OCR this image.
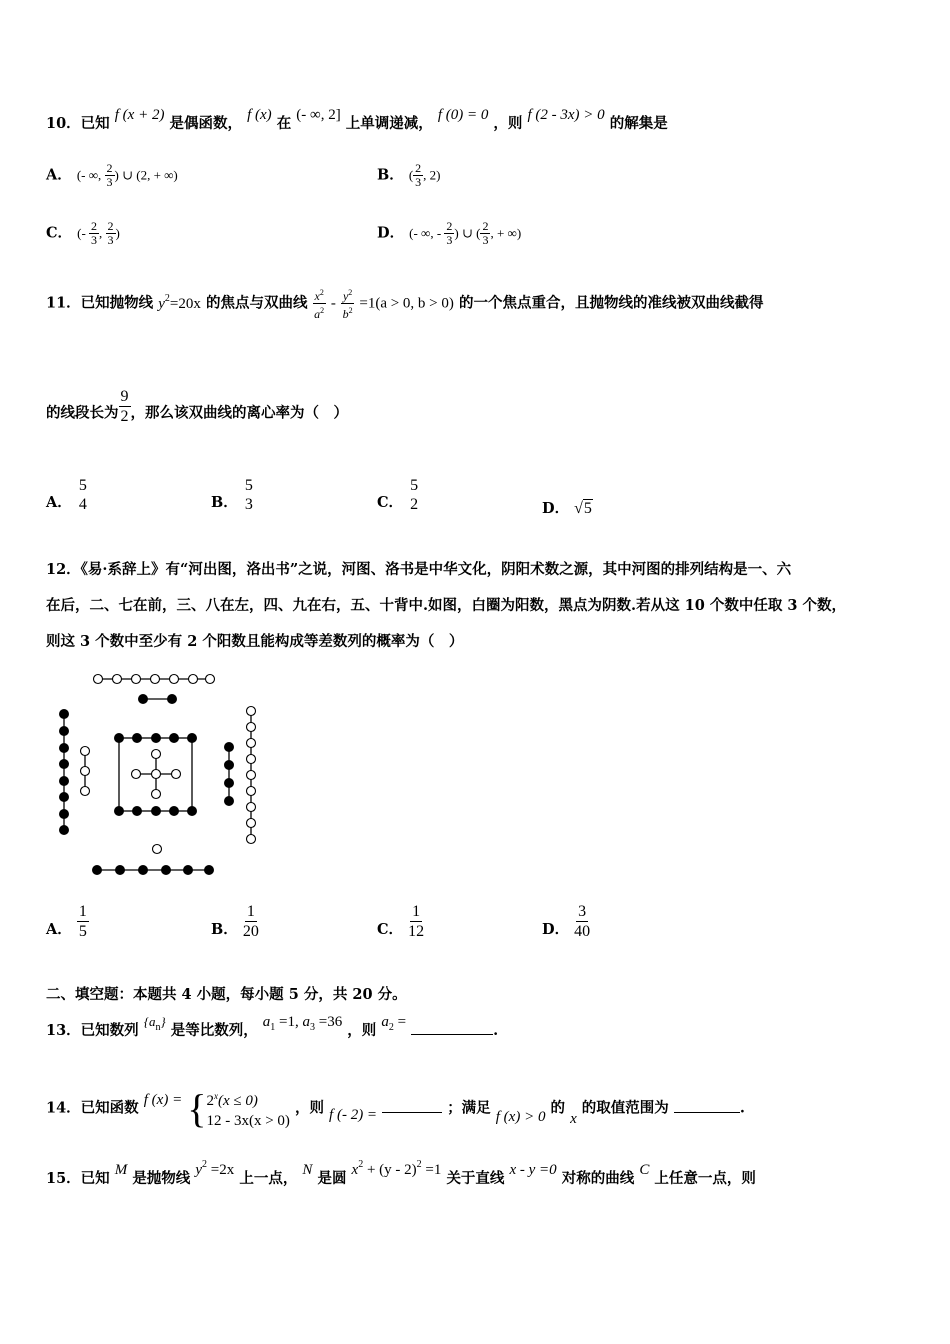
10．已知 f (x + 2) 是偶函数， f (x) 在 (- ∞, 2] 上单调递减， f (0) = 0 ，则 f (2 - 3x) > 0 的解集是
A． (- ∞, $\frac{2}{3}$ ) ∪ (2, + ∞)	B． ( $\frac{2}{3}$ , 2)
C． (- $\frac{2}{3}$ , $\frac{2}{3}$ )	D． (- ∞, - $\frac{2}{3}$ ) ∪ ( $\frac{2}{3}$ , + ∞)
11．已知抛物线 $y^2=20x$ 的焦点与双曲线 $\frac{x^2}{a^2} - \frac{y^2}{b^2} =1(a > 0$, b > 0) 的一个焦点重合，且抛物线的准线被双曲线截得
的线段长为 $\frac{9}{2}$ ，那么该双曲线的离心率为（　）
A．
5
4	B．
5
3	C．
5
2	D． √5
12．《易·系辞上》有“河出图，洛出书”之说，河图、洛书是中华文化，阴阳术数之源，其中河图的排列结构是一、六
在后，二、七在前，三、八在左，四、九在右，五、十背中.如图，白圈为阳数，黑点为阴数.若从这 10 个数中任取 3 个数，
则这 3 个数中至少有 2 个阳数且能构成等差数列的概率为（　）
A． $\frac{1}{5}$	B． $\frac{1}{20}$	C． $\frac{1}{12}$	D． $\frac{3}{40}$
二、填空题：本题共 4 小题，每小题 5 分，共 20 分。
13．已知数列 $\{a_n\}$ 是等比数列， $a_1 =1$, $a_3 =36$ ，则 $a_2$ =	.
14．已知函数 f (x) = { $2^x(x \le 0)$
12 - 3x(x > 0)
，则 f (- 2) =	；满足 f (x) > 0 的 x 的取值范围为	.
15．已知 M 是抛物线 $y^2 =2x$ 上一点， N 是圆 $x^2 + (y - 2)^2 =1$ 关于直线 x - y =0 对称的曲线 C 上任意一点，则
